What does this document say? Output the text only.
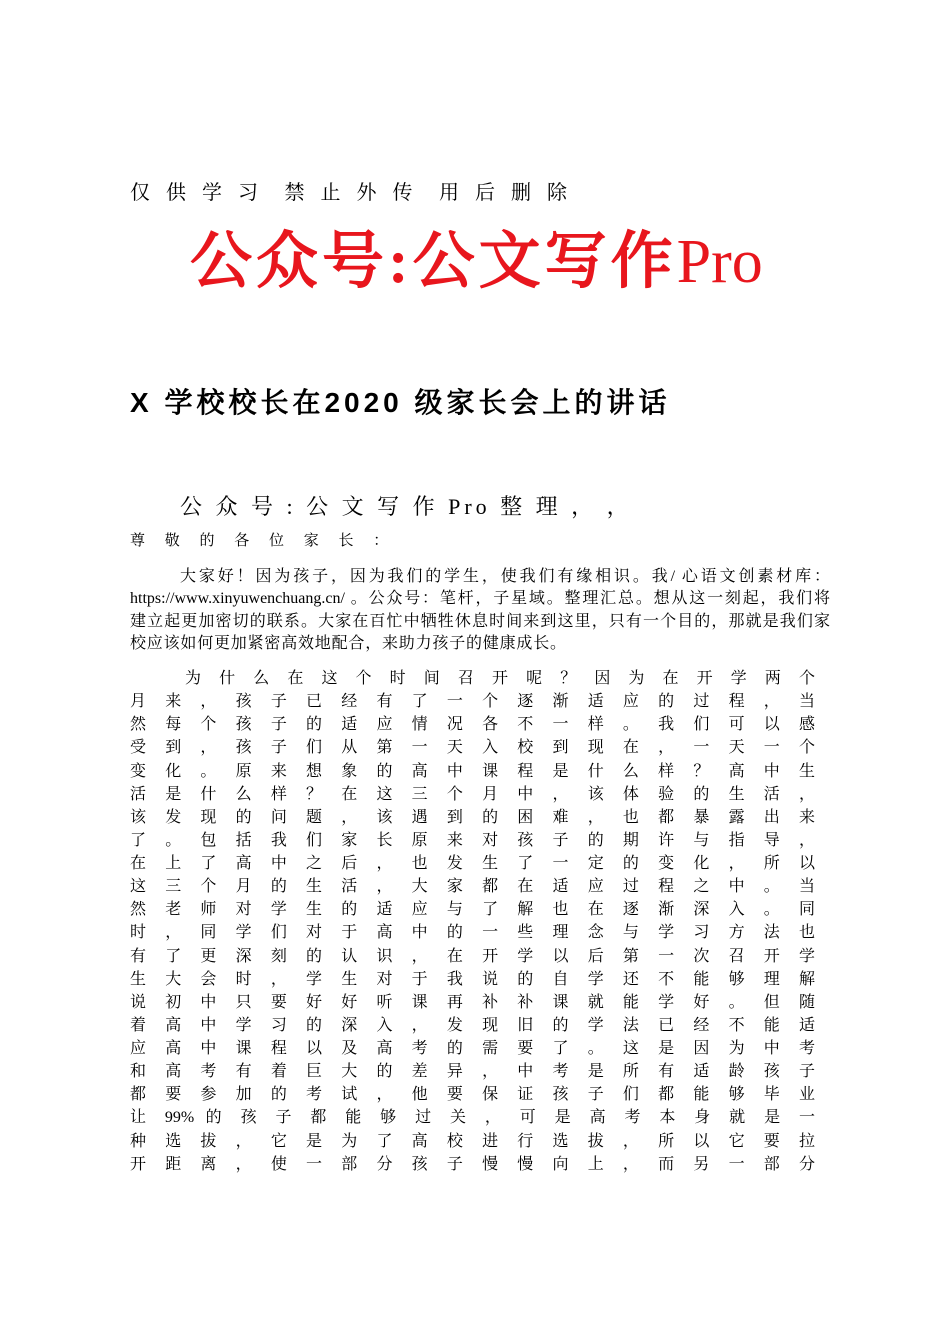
仅 供 学 习  禁 止 外 传  用 后 删 除
公众号:公文写作Pro
X 学校校长在2020 级家长会上的讲话
公 众 号 : 公 文 写 作 Pro 整 理 ， ，
尊 敬 的 各 位 家 长 ：
大家好！因为孩子，因为我们的学生，使我们有缘相识。我/ 心语文创素材库：
https://www.xinyuwenchuang.cn/ 。公众号：笔杆，子星域。整理汇总。想从这一刻起，我们将
建立起更加密切的联系。大家在百忙中牺牲休息时间来到这里，只有一个目的，那就是我们家
校应该如何更加紧密高效地配合，来助力孩子的健康成长。
为 什 么 在 这 个 时 间 召 开 呢 ？ 因 为 在 开 学 两 个
月 来 ， 孩 子 已 经 有 了 一 个 逐 渐 适 应 的 过 程 ， 当
然 每 个 孩 子 的 适 应 情 况 各 不 一 样 。 我 们 可 以 感
受 到 ， 孩 子 们 从 第 一 天 入 校 到 现 在 ， 一 天 一 个
变 化 。 原 来 想 象 的 高 中 课 程 是 什 么 样 ？ 高 中 生
活 是 什 么 样 ？ 在 这 三 个 月 中 ， 该 体 验 的 生 活 ，
该 发 现 的 问 题 ， 该 遇 到 的 困 难 ， 也 都 暴 露 出 来
了 。 包 括 我 们 家 长 原 来 对 孩 子 的 期 许 与 指 导 ，
在 上 了 高 中 之 后 ， 也 发 生 了 一 定 的 变 化 ， 所 以
这 三 个 月 的 生 活 ， 大 家 都 在 适 应 过 程 之 中 。 当
然 老 师 对 学 生 的 适 应 与 了 解 也 在 逐 渐 深 入 。 同
时 ， 同 学 们 对 于 高 中 的 一 些 理 念 与 学 习 方 法 也
有 了 更 深 刻 的 认 识 ， 在 开 学 以 后 第 一 次 召 开 学
生 大 会 时 ， 学 生 对 于 我 说 的 自 学 还 不 能 够 理 解
说 初 中 只 要 好 好 听 课 再 补 补 课 就 能 学 好 。 但 随
着 高 中 学 习 的 深 入 ， 发 现 旧 的 学 法 已 经 不 能 适
应 高 中 课 程 以 及 高 考 的 需 要 了 。 这 是 因 为 中 考
和 高 考 有 着 巨 大 的 差 异 ， 中 考 是 所 有 适 龄 孩 子
都 要 参 加 的 考 试 ， 他 要 保 证 孩 子 们 都 能 够 毕 业
让 99% 的 孩 子 都 能 够 过 关 ， 可 是 高 考 本 身 就 是 一
种 选 拔 ， 它 是 为 了 高 校 进 行 选 拔 ， 所 以 它 要 拉
开 距 离 ， 使 一 部 分 孩 子 慢 慢 向 上 ， 而 另 一 部 分
